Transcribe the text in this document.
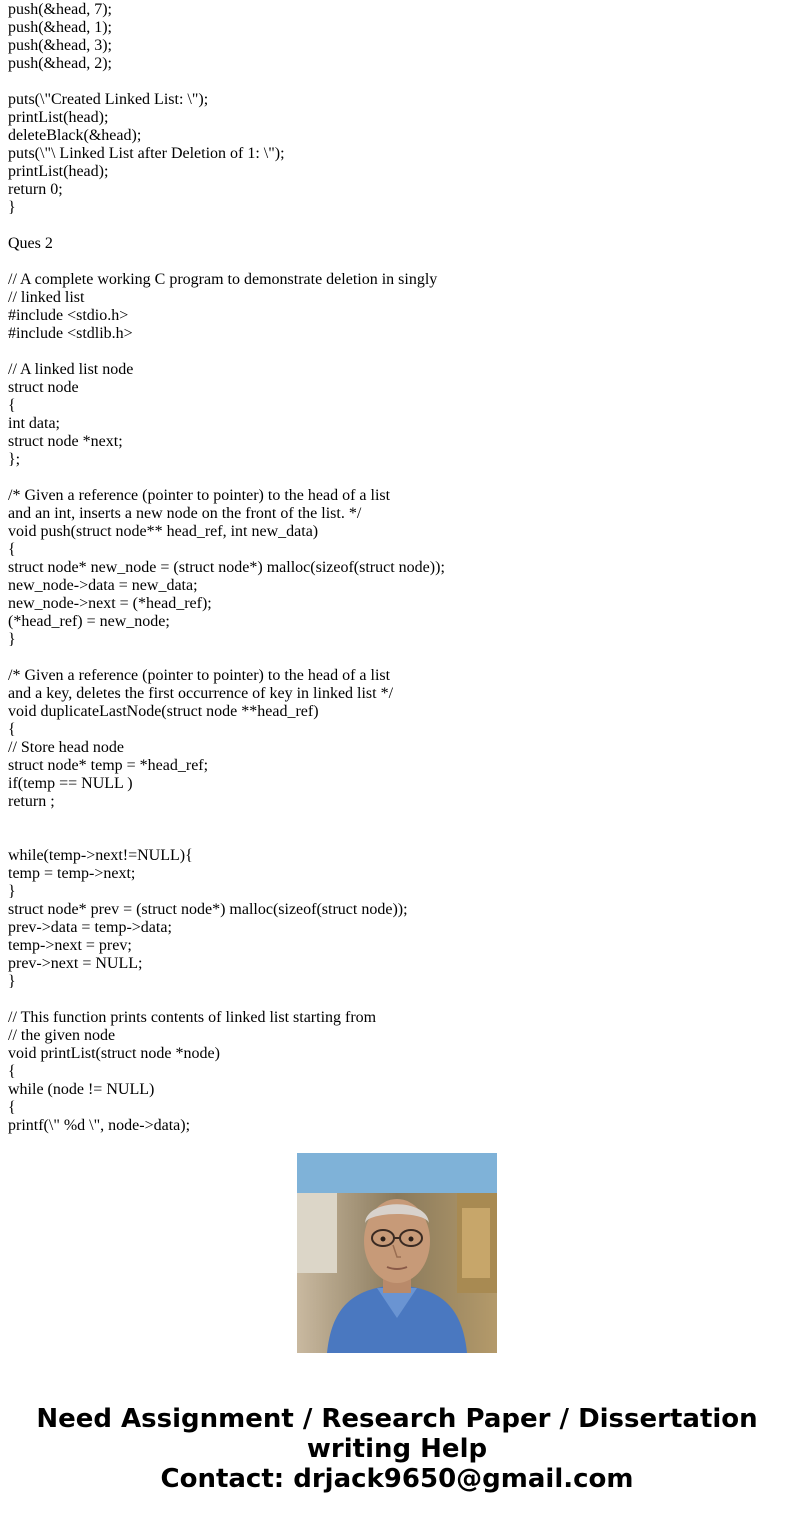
push(&head, 7);
push(&head, 1);
push(&head, 3);
push(&head, 2);
puts(\"Created Linked List: \");
printList(head);
deleteBlack(&head);
puts(\"\ Linked List after Deletion of 1: \");
printList(head);
return 0;
}
Ques 2
// A complete working C program to demonstrate deletion in singly
// linked list
#include <stdio.h>
#include <stdlib.h>
// A linked list node
struct node
{
int data;
struct node *next;
};
/* Given a reference (pointer to pointer) to the head of a list
and an int, inserts a new node on the front of the list. */
void push(struct node** head_ref, int new_data)
{
struct node* new_node = (struct node*) malloc(sizeof(struct node));
new_node->data = new_data;
new_node->next = (*head_ref);
(*head_ref) = new_node;
}
/* Given a reference (pointer to pointer) to the head of a list
and a key, deletes the first occurrence of key in linked list */
void duplicateLastNode(struct node **head_ref)
{
// Store head node
struct node* temp = *head_ref;
if(temp == NULL )
return ;
while(temp->next!=NULL){
temp = temp->next;
}
struct node* prev = (struct node*) malloc(sizeof(struct node));
prev->data = temp->data;
temp->next = prev;
prev->next = NULL;
}
// This function prints contents of linked list starting from
// the given node
void printList(struct node *node)
{
while (node != NULL)
{
printf(\" %d \", node->data);
Need Assignment / Research Paper / Dissertation
writing Help
Contact: drjack9650@gmail.com
